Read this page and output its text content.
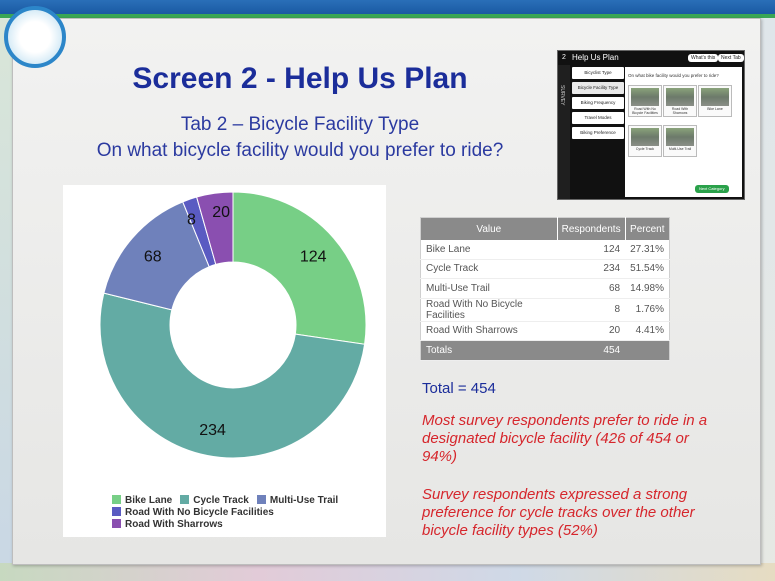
Screen 2 - Help Us Plan
Tab 2 – Bicycle Facility Type
On what bicycle facility would you prefer to ride?
124
234
68
8 20
Bike Lane Cycle Track Multi-Use TrailRoad With No Bicycle FacilitiesRoad With Sharrows
2 Help Us Plan	What's this	Next Tab
SURVEY
Bicyclist Type
Bicycle Facility Type
Biking Frequency
Travel Modes
Biking Preference
On what bike facility would you prefer to ride?
Next Category
Road With No Bicycle Facilities
Road With Sharrows
Bike Lane
Cycle Track	Multi-Use Trail
Value	Respondents	Percent
Bike Lane	124	27.31%
Cycle Track	234	51.54%
Multi-Use Trail	68	14.98%
Road With No Bicycle Facilities	8	1.76%
Road With Sharrows	20	4.41%
Totals	454	
Total = 454
Most survey respondents prefer to ride in a designated bicycle facility (426 of 454 or 94%)
Survey respondents expressed a strong preference for cycle tracks over the other bicycle facility types (52%)
